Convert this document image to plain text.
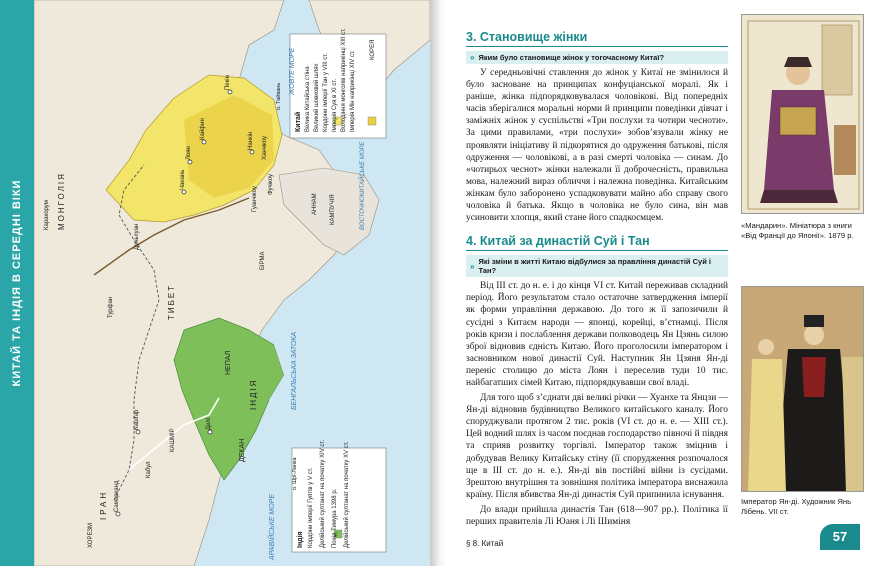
КИТАЙ ТА ІНДІЯ В СЕРЕДНІ ВІКИ
Китай Велика Китайська стіна Великий шовковий шлях Кордони імперії Тан у VIII ст. Імперія Суя в XI ст. Володіння монголів наприкінці XIII ст. Імперія Мін наприкінці XIV ст.
Індія Кордони імперії Гуптів у V ст. Делійський султанат на початку XIV ст. Похід Тимура 1398 р. Делійський султанат на початку XV ст.
МОНГОЛІЯ
Каракорум
ТИБЕТ
НЕПАЛ
ІНДІЯ
ДЕКАН
ІРАН
БЕНГАЛЬСЬКА ЗАТОКА
АРАВІЙСЬКЕ МОРЕ
ЖОВТЕ МОРЕ
ВОСТОЧНОКИТАЙСЬКЕ МОРЕ
о. Тайвань
о. Шрі-Ланка
БІРМА
АННАМ КАМПУЧІЯ
КОРЕЯ
ХОРЕЗМ
Самарканд
Кашгар
Кабул
КАШМІР
Делі
Турфан
Дуньхуан
Чанань
Лоян
Кайфин
Пекін
Нанкін Ханчжоу
Фучжоу
Гуанчжоу
3. Становище жінки
» Яким було становище жінок у тогочасному Китаї?

У середньовічні ставлення до жінок у Китаї не змінилося й було засноване на принципах конфуціанської моралі. Як і раніше, жінка підпорядковувалася чоловікові. Від попередніх часів зберігалися моральні норми й принципи поведінки дівчат і заміжніх жінок у суспільстві «Три послухи та чотири чесноти». За цими правилами, «три послухи» зобов’язували жінку не проявляти ініціативу й підкорятися до одруження батькові, після одруження — чоловікові, а в разі смерті чоловіка — синам. До «чотирьох чеснот» жінки належали її доброчесність, правильна мова, належний вираз обличчя і належна поведінка. Китайським жінкам було заборонено успадковувати майно або справу свого чоловіка й батька. Якщо в чоловіка не було сина, він мав усиновити хлопця, який стане його спадкоємцем.

4. Китай за династій Суй і Тан
» Які зміни в житті Китаю відбулися за правління династій Суй і Тан?

Від III ст. до н. е. і до кінця VI ст. Китай переживав складний період. Його результатом стало остаточне затвердження імперії як форми управління державою. До того ж її запозичили й сусідні з Китаєм народи — японці, корейці, в’єтнамці. Після років кризи і послаблення держави полководець Ян Цзянь силою зброї відновив єдність Китаю. Його проголосили імператором і засновником нової династії Суй. Наступник Ян Цзяня Ян-ді переніс столицю до міста Лоян і переселив туди 10 тис. найбагатших сімей Китаю, підпорядкувавши свої владі.

Для того щоб з’єднати дві великі річки — Хуанхе та Янцзи — Ян-ді відновив будівництво Великого китайського каналу. Його споруджували протягом 2 тис. років (VI ст. до н. е. — XIII ст.). Цей водний шлях із часом поєднав господарство півночі й півдня та сприяв розвитку торгівлі. Імператор також зміцнив і добудував Велику Китайську стіну (її спорудження розпочалося ще в III ст. до н. е.). Ян-ді вів постійні війни із сусідами. Зрештою внутрішня та зовнішня політика імператора виснажила країну. Після вбивства Ян-ді династія Суй припинила існування.

До влади прийшла династія Тан (618—907 рр.). Політика її перших правителів Лі Юаня і Лі Шиміня

«Мандарин». Мініатюра з книги «Від Франції до Японії». 1879 р.
Імператор Ян-ді. Художник Янь Лібень. VII ст.
§ 8. Китай	57
